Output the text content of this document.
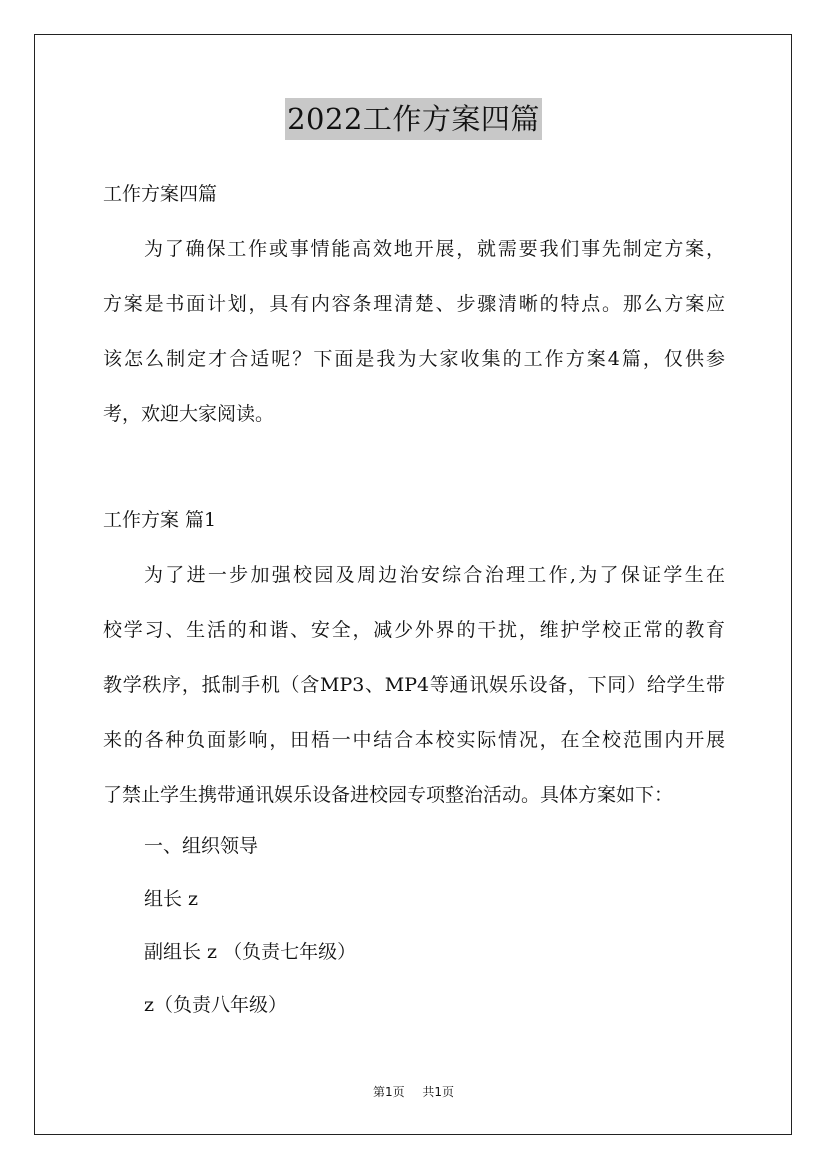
2022工作方案四篇
工作方案四篇
为了确保工作或事情能高效地开展，就需要我们事先制定方案，
方案是书面计划，具有内容条理清楚、步骤清晰的特点。那么方案应
该怎么制定才合适呢？下面是我为大家收集的工作方案4篇，仅供参
考，欢迎大家阅读。
工作方案 篇1
为了进一步加强校园及周边治安综合治理工作,为了保证学生在
校学习、生活的和谐、安全，减少外界的干扰，维护学校正常的教育
教学秩序，抵制手机（含MP3、MP4等通讯娱乐设备，下同）给学生带
来的各种负面影响，田梧一中结合本校实际情况，在全校范围内开展
了禁止学生携带通讯娱乐设备进校园专项整治活动。具体方案如下：
一、组织领导
组长 z
副组长 z （负责七年级）
z（负责八年级）
第1页 共1页
